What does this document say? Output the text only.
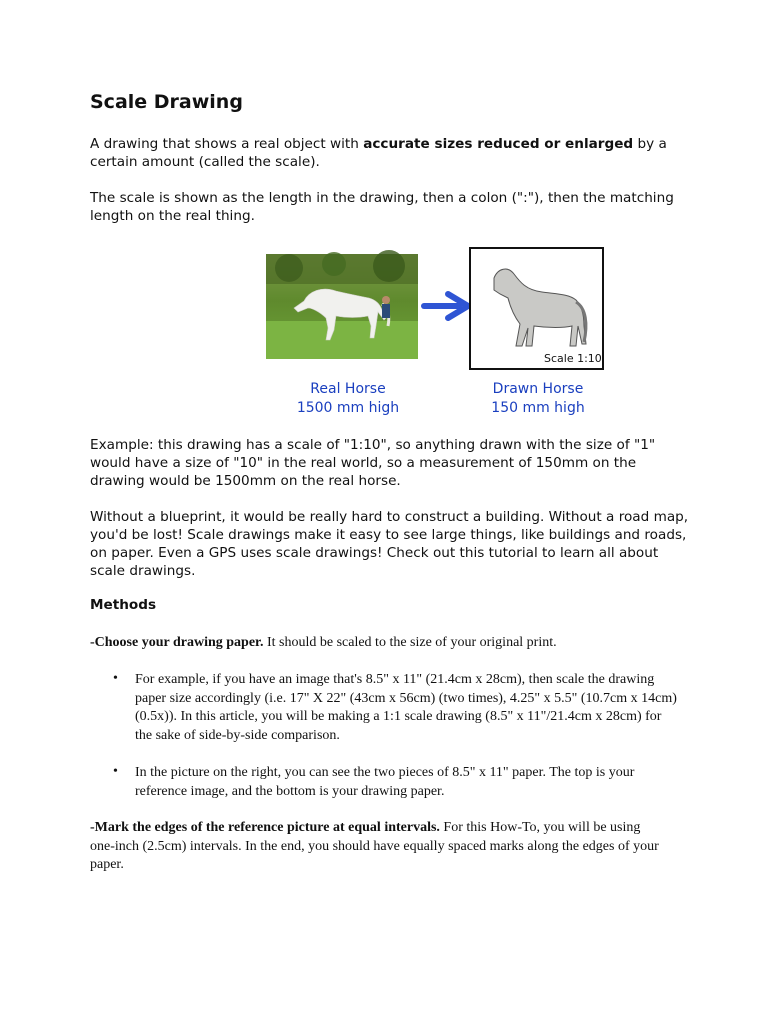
Scale Drawing
A drawing that shows a real object with accurate sizes reduced or enlarged by a certain amount (called the scale).
The scale is shown as the length in the drawing, then a colon (":"), then the matching length on the real thing.
Scale 1:10
Real Horse
1500 mm high
Drawn Horse
150 mm high
Example: this drawing has a scale of "1:10", so anything drawn with the size of "1" would have a size of "10" in the real world, so a measurement of 150mm on the drawing would be 1500mm on the real horse.
Without a blueprint, it would be really hard to construct a building. Without a road map, you'd be lost! Scale drawings make it easy to see large things, like buildings and roads, on paper. Even a GPS uses scale drawings! Check out this tutorial to learn all about scale drawings.
Methods
-Choose your drawing paper. It should be scaled to the size of your original print.
• For example, if you have an image that's 8.5" x 11" (21.4cm x 28cm), then scale the drawing paper size accordingly (i.e. 17" X 22" (43cm x 56cm) (two times), 4.25" x 5.5" (10.7cm x 14cm) (0.5x)). In this article, you will be making a 1:1 scale drawing (8.5" x 11"/21.4cm x 28cm) for the sake of side-by-side comparison.
• In the picture on the right, you can see the two pieces of 8.5" x 11" paper. The top is your reference image, and the bottom is your drawing paper.
-Mark the edges of the reference picture at equal intervals. For this How-To, you will be using one-inch (2.5cm) intervals. In the end, you should have equally spaced marks along the edges of your paper.
